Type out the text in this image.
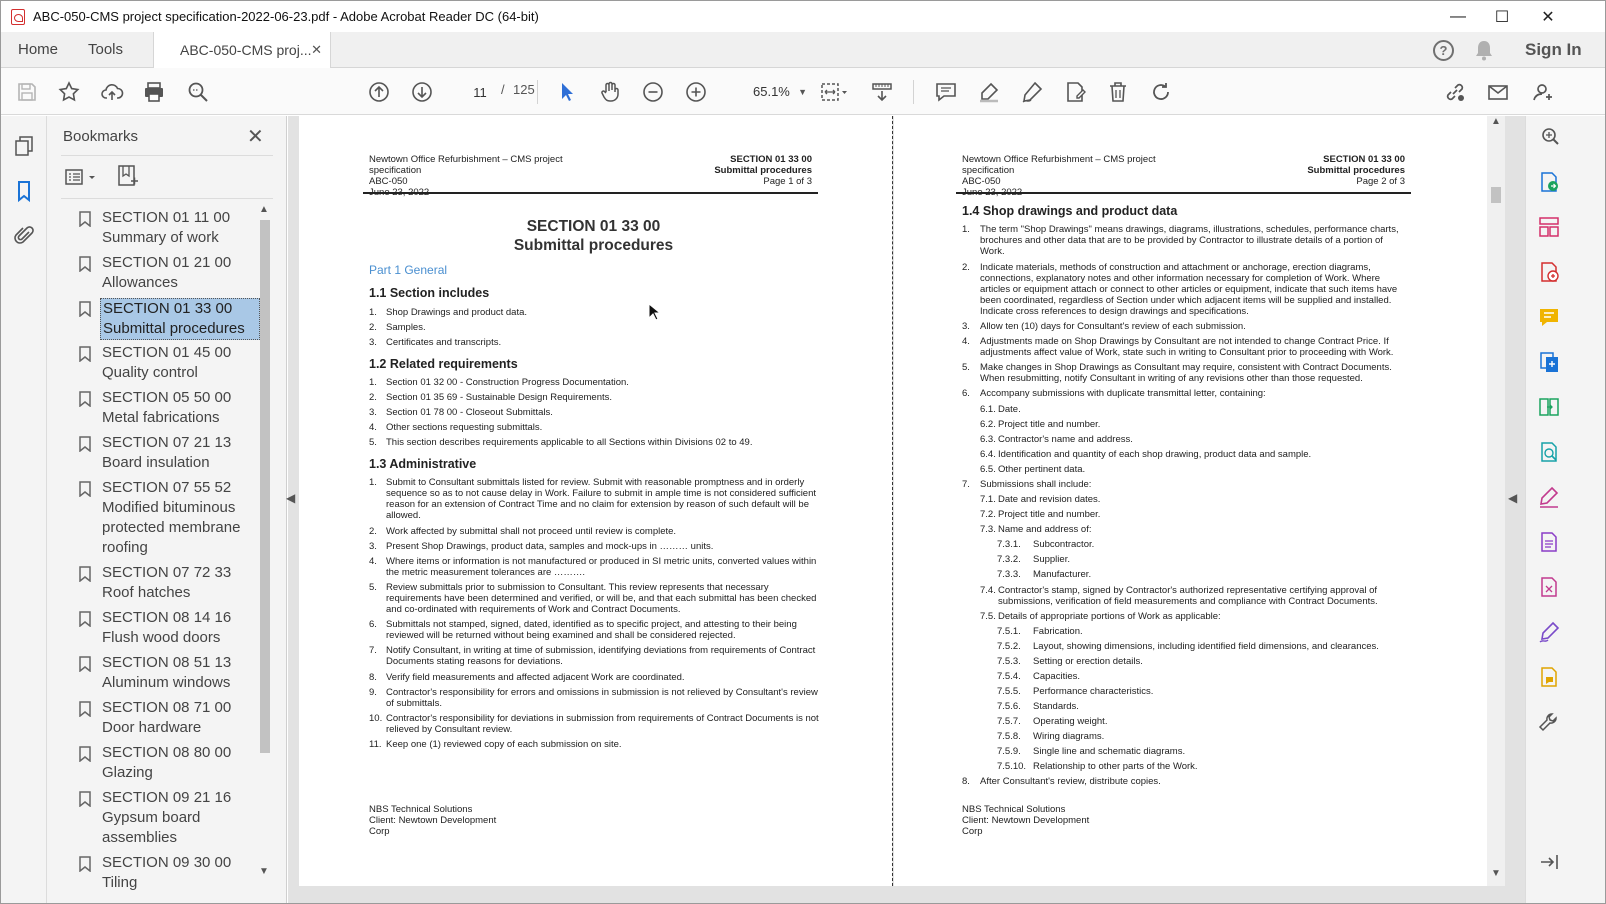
ABC-050-CMS project specification-2022-06-23.pdf - Adobe Acrobat Reader DC (64-bit)	—	☐	✕
Home Tools	ABC-050-CMS proj... ✕	?	Sign In
11
/ 125	65.1% ▼
Bookmarks	✕
SECTION 01 11 00 Summary of work
SECTION 01 21 00 Allowances
SECTION 01 33 00 Submittal procedures
SECTION 01 45 00 Quality control
SECTION 05 50 00 Metal fabrications
SECTION 07 21 13 Board insulation
SECTION 07 55 52 Modified bituminous protected membrane roofing
SECTION 07 72 33 Roof hatches
SECTION 08 14 16 Flush wood doors
SECTION 08 51 13 Aluminum windows
SECTION 08 71 00 Door hardware
SECTION 08 80 00 Glazing
SECTION 09 21 16 Gypsum board assemblies
SECTION 09 30 00 Tiling
▲
▼
◀	◀
Newtown Office Refurbishment – CMS project
specification
ABC-050
SECTION 01 33 00
Submittal procedures
Page 1 of 3
SECTION 01 33 00
Submittal procedures
Part 1 General
1.1 Section includes
1.2 Related requirements
1.3 Administrative
NBS Technical Solutions
Client: Newtown Development
Corp
1. Shop Drawings and product data.
2. Samples.
3. Certificates and transcripts.
1. Section 01 32 00 - Construction Progress Documentation.
2. Section 01 35 69 - Sustainable Design Requirements.
3. Section 01 78 00 - Closeout Submittals.
4. Other sections requesting submittals.
5. This section describes requirements applicable to all Sections within Divisions 02 to 49.
1. Submit to Consultant submittals listed for review. Submit with reasonable promptness and in orderly sequence so as to not cause delay in Work. Failure to submit in ample time is not considered sufficient reason for an extension of Contract Time and no claim for extension by reason of such default will be allowed.
2. Work affected by submittal shall not proceed until review is complete.
3. Present Shop Drawings, product data, samples and mock-ups in ……… units.
4. Where items or information is not manufactured or produced in SI metric units, converted values within the metric measurement tolerances are ……….
5. Review submittals prior to submission to Consultant. This review represents that necessary requirements have been determined and verified, or will be, and that each submittal has been checked and co-ordinated with requirements of Work and Contract Documents.
6. Submittals not stamped, signed, dated, identified as to specific project, and attesting to their being reviewed will be returned without being examined and shall be considered rejected.
7. Notify Consultant, in writing at time of submission, identifying deviations from requirements of Contract Documents stating reasons for deviations.
8. Verify field measurements and affected adjacent Work are coordinated.
9. Contractor's responsibility for errors and omissions in submission is not relieved by Consultant's review of submittals.
10. Contractor's responsibility for deviations in submission from requirements of Contract Documents is not relieved by Consultant review.
11. Keep one (1) reviewed copy of each submission on site.
Newtown Office Refurbishment – CMS project
specification
ABC-050
SECTION 01 33 00
Submittal procedures
Page 2 of 3
1.4 Shop drawings and product data
NBS Technical Solutions
Client: Newtown Development
Corp
1. The term "Shop Drawings" means drawings, diagrams, illustrations, schedules, performance charts, brochures and other data that are to be provided by Contractor to illustrate details of a portion of Work.
2. Indicate materials, methods of construction and attachment or anchorage, erection diagrams, connections, explanatory notes and other information necessary for completion of Work. Where articles or equipment attach or connect to other articles or equipment, indicate that such items have been coordinated, regardless of Section under which adjacent items will be supplied and installed. Indicate cross references to design drawings and specifications.
3. Allow ten (10) days for Consultant's review of each submission.
4. Adjustments made on Shop Drawings by Consultant are not intended to change Contract Price. If adjustments affect value of Work, state such in writing to Consultant prior to proceeding with Work.
5. Make changes in Shop Drawings as Consultant may require, consistent with Contract Documents. When resubmitting, notify Consultant in writing of any revisions other than those requested.
6. Accompany submissions with duplicate transmittal letter, containing:
6.1. Date.
6.2. Project title and number.
6.3. Contractor's name and address.
6.4. Identification and quantity of each shop drawing, product data and sample.
6.5. Other pertinent data.
7. Submissions shall include:
7.1. Date and revision dates.
7.2. Project title and number.
7.3. Name and address of:
7.3.1. Subcontractor.
7.3.2. Supplier.
7.3.3. Manufacturer.
7.4. Contractor's stamp, signed by Contractor's authorized representative certifying approval of submissions, verification of field measurements and compliance with Contract Documents.
7.5. Details of appropriate portions of Work as applicable:
7.5.1. Fabrication.
7.5.2. Layout, showing dimensions, including identified field dimensions, and clearances.
7.5.3. Setting or erection details.
7.5.4. Capacities.
7.5.5. Performance characteristics.
7.5.6. Standards.
7.5.7. Operating weight.
7.5.8. Wiring diagrams.
7.5.9. Single line and schematic diagrams.
7.5.10. Relationship to other parts of the Work.
8. After Consultant's review, distribute copies.
▲
▼
